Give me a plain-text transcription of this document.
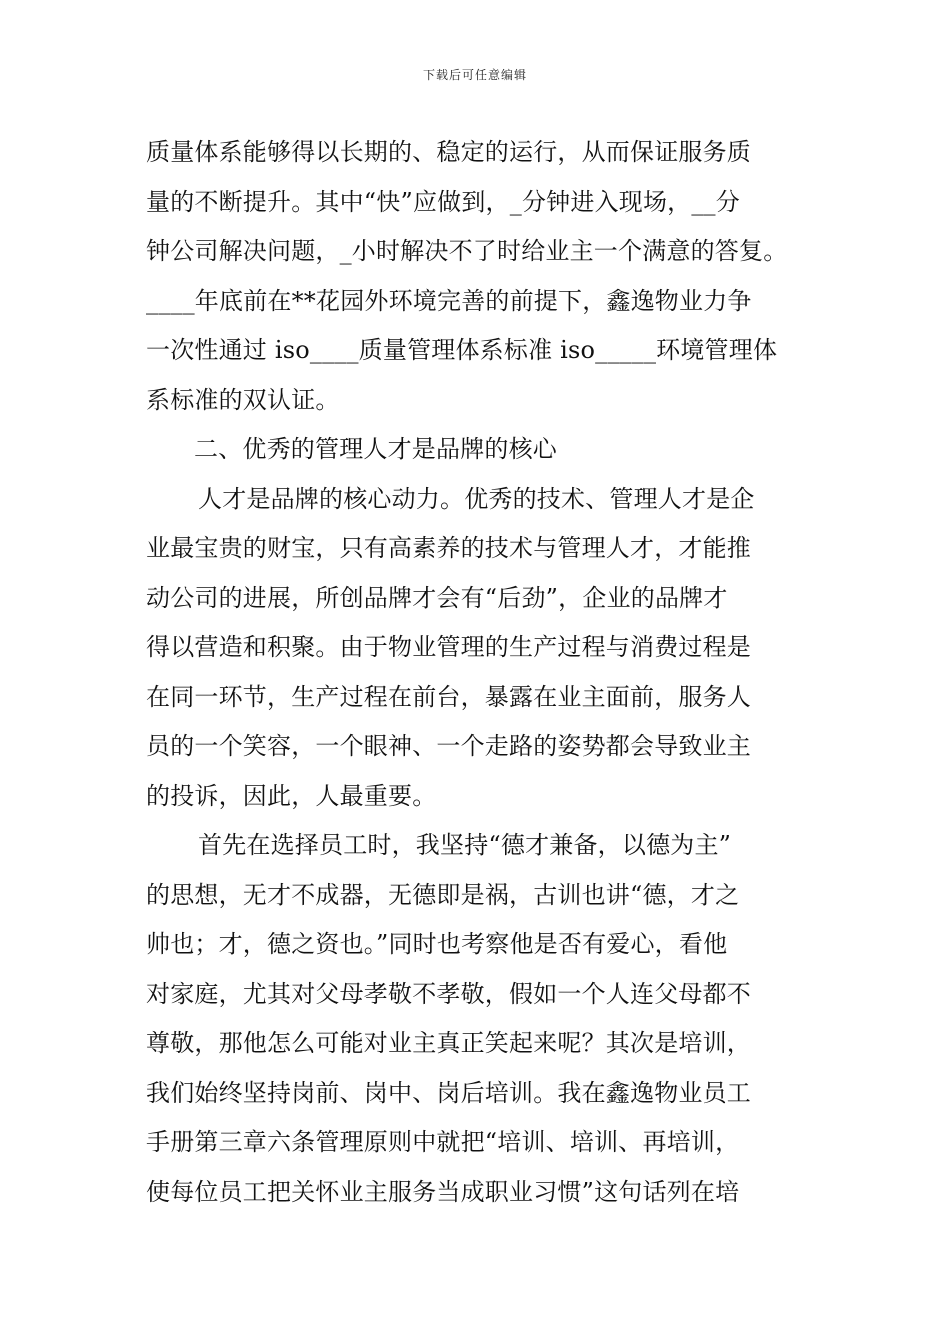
下载后可任意编辑
质量体系能够得以长期的、稳定的运行，从而保证服务质
量的不断提升。其中“快”应做到，_分钟进入现场，__分
钟公司解决问题，_小时解决不了时给业主一个满意的答复。
____年底前在**花园外环境完善的前提下，鑫逸物业力争
一次性通过 iso____质量管理体系标准 iso_____环境管理体
系标准的双认证。
二、优秀的管理人才是品牌的核心
人才是品牌的核心动力。优秀的技术、管理人才是企
业最宝贵的财宝，只有高素养的技术与管理人才，才能推
动公司的进展，所创品牌才会有“后劲”，企业的品牌才
得以营造和积聚。由于物业管理的生产过程与消费过程是
在同一环节，生产过程在前台，暴露在业主面前，服务人
员的一个笑容，一个眼神、一个走路的姿势都会导致业主
的投诉，因此，人最重要。
首先在选择员工时，我坚持“德才兼备，以德为主”
的思想，无才不成器，无德即是祸，古训也讲“德，才之
帅也；才，德之资也。”同时也考察他是否有爱心，看他
对家庭，尤其对父母孝敬不孝敬，假如一个人连父母都不
尊敬，那他怎么可能对业主真正笑起来呢？其次是培训，
我们始终坚持岗前、岗中、岗后培训。我在鑫逸物业员工
手册第三章六条管理原则中就把“培训、培训、再培训，
使每位员工把关怀业主服务当成职业习惯”这句话列在培
